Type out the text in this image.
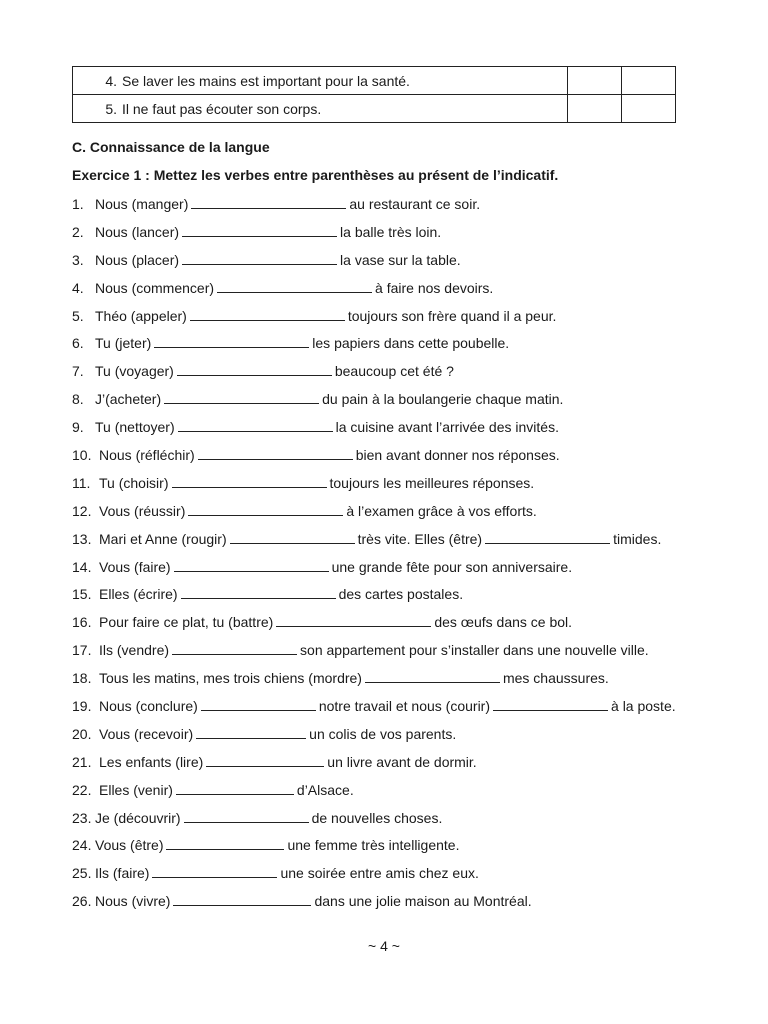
4. Se laver les mains est important pour la santé.		
5. Il ne faut pas écouter son corps.		
C. Connaissance de la langue
Exercice 1 : Mettez les verbes entre parenthèses au présent de l’indicatif.
1. Nous (manger)	au restaurant ce soir.
2. Nous (lancer)	la balle très loin.
3. Nous (placer)	la vase sur la table.
4. Nous (commencer)	à faire nos devoirs.
5. Théo (appeler)	toujours son frère quand il a peur.
6. Tu (jeter)	les papiers dans cette poubelle.
7. Tu (voyager)	beaucoup cet été ?
8. J’(acheter)	du pain à la boulangerie chaque matin.
9. Tu (nettoyer)	la cuisine avant l’arrivée des invités.
10. Nous (réfléchir)	bien avant donner nos réponses.
11. Tu (choisir)	toujours les meilleures réponses.
12. Vous (réussir)	à l’examen grâce à vos efforts.
13. Mari et Anne (rougir)	très vite. Elles (être)	timides.
14. Vous (faire)	une grande fête pour son anniversaire.
15. Elles (écrire)	des cartes postales.
16. Pour faire ce plat, tu (battre)	des œufs dans ce bol.
17. Ils (vendre)	son appartement pour s’installer dans une nouvelle ville.
18. Tous les matins, mes trois chiens (mordre)	mes chaussures.
19. Nous (conclure)	notre travail et nous (courir)	à la poste.
20. Vous (recevoir)	un colis de vos parents.
21. Les enfants (lire)	un livre avant de dormir.
22. Elles (venir)	d’Alsace.
23. Je (découvrir)	de nouvelles choses.
24. Vous (être)	une femme très intelligente.
25. Ils (faire)	une soirée entre amis chez eux.
26. Nous (vivre)	dans une jolie maison au Montréal.
~ 4 ~
